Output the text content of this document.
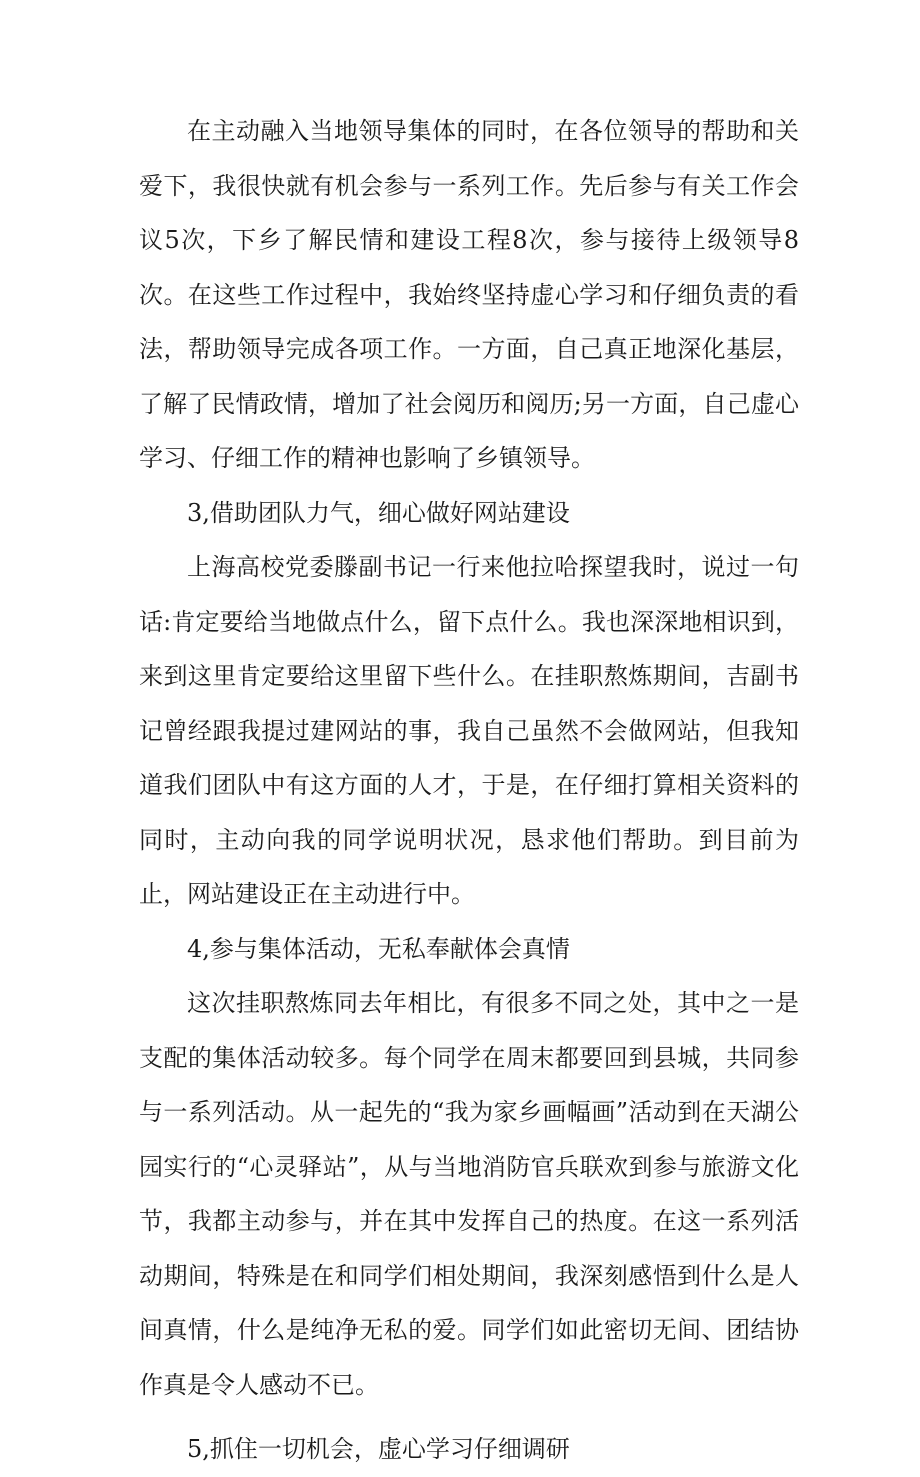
在主动融入当地领导集体的同时，在各位领导的帮助和关爱下，我很快就有机会参与一系列工作。先后参与有关工作会议5次，下乡了解民情和建设工程8次，参与接待上级领导8次。在这些工作过程中，我始终坚持虚心学习和仔细负责的看法，帮助领导完成各项工作。一方面，自己真正地深化基层，了解了民情政情，增加了社会阅历和阅历;另一方面，自己虚心学习、仔细工作的精神也影响了乡镇领导。

3,借助团队力气，细心做好网站建设

上海高校党委滕副书记一行来他拉哈探望我时，说过一句话:肯定要给当地做点什么，留下点什么。我也深深地相识到，来到这里肯定要给这里留下些什么。在挂职熬炼期间，吉副书记曾经跟我提过建网站的事，我自己虽然不会做网站，但我知道我们团队中有这方面的人才，于是，在仔细打算相关资料的同时，主动向我的同学说明状况，恳求他们帮助。到目前为止，网站建设正在主动进行中。

4,参与集体活动，无私奉献体会真情

这次挂职熬炼同去年相比，有很多不同之处，其中之一是支配的集体活动较多。每个同学在周末都要回到县城，共同参与一系列活动。从一起先的“我为家乡画幅画”活动到在天湖公园实行的“心灵驿站”，从与当地消防官兵联欢到参与旅游文化节，我都主动参与，并在其中发挥自己的热度。在这一系列活动期间，特殊是在和同学们相处期间，我深刻感悟到什么是人间真情，什么是纯净无私的爱。同学们如此密切无间、团结协作真是令人感动不已。

5,抓住一切机会，虚心学习仔细调研
